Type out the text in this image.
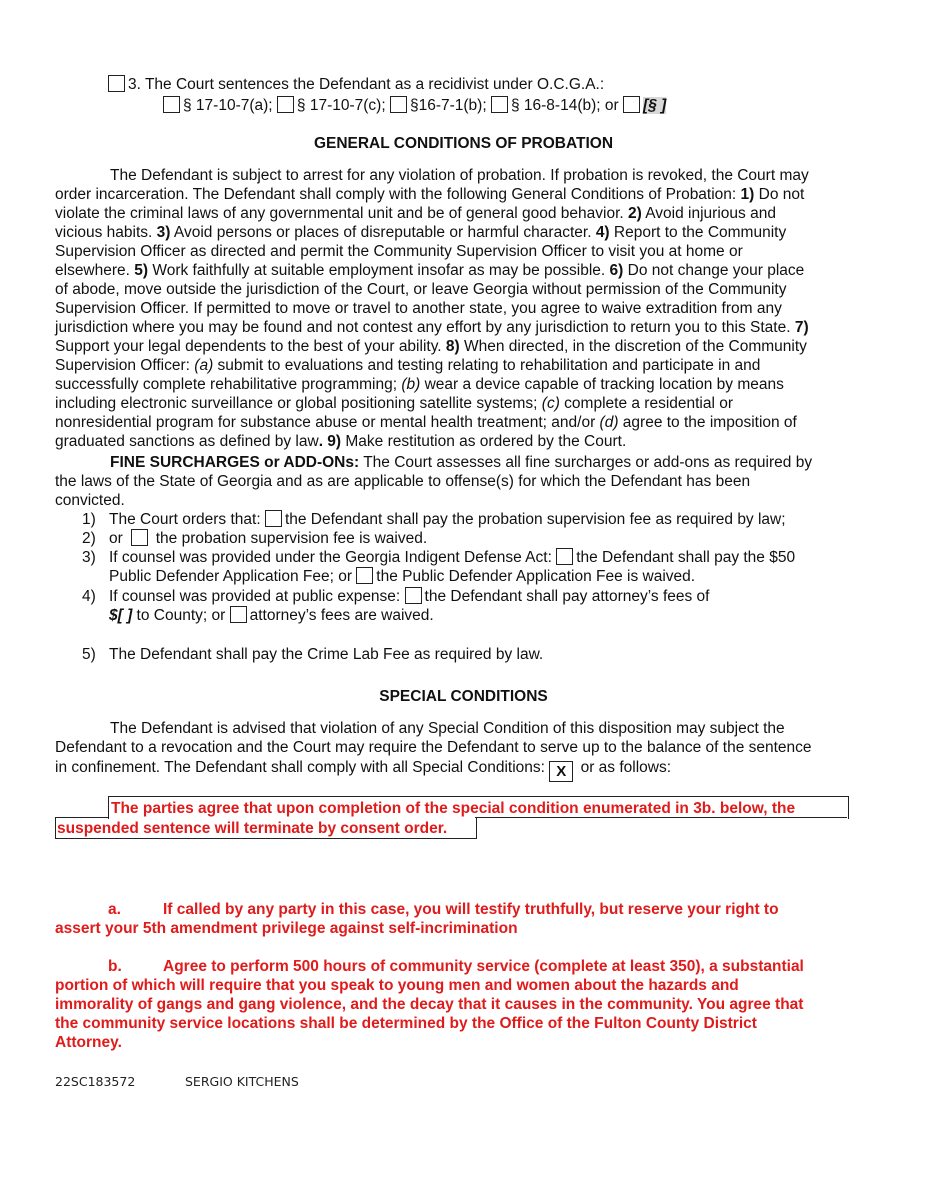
3. The Court sentences the Defendant as a recidivist under O.C.G.A.:
§ 17-10-7(a); § 17-10-7(c); §16-7-1(b); § 16-8-14(b); or [§ ]
GENERAL CONDITIONS OF PROBATION
The Defendant is subject to arrest for any violation of probation. If probation is revoked, the Court may
order incarceration. The Defendant shall comply with the following General Conditions of Probation: 1) Do not
violate the criminal laws of any governmental unit and be of general good behavior. 2) Avoid injurious and
vicious habits. 3) Avoid persons or places of disreputable or harmful character. 4) Report to the Community
Supervision Officer as directed and permit the Community Supervision Officer to visit you at home or
elsewhere. 5) Work faithfully at suitable employment insofar as may be possible. 6) Do not change your place
of abode, move outside the jurisdiction of the Court, or leave Georgia without permission of the Community
Supervision Officer. If permitted to move or travel to another state, you agree to waive extradition from any
jurisdiction where you may be found and not contest any effort by any jurisdiction to return you to this State. 7)
Support your legal dependents to the best of your ability. 8) When directed, in the discretion of the Community
Supervision Officer: (a) submit to evaluations and testing relating to rehabilitation and participate in and
successfully complete rehabilitative programming; (b) wear a device capable of tracking location by means
including electronic surveillance or global positioning satellite systems; (c) complete a residential or
nonresidential program for substance abuse or mental health treatment; and/or (d) agree to the imposition of
graduated sanctions as defined by law. 9) Make restitution as ordered by the Court.
FINE SURCHARGES or ADD-ONs: The Court assesses all fine surcharges or add-ons as required by
the laws of the State of Georgia and as are applicable to offense(s) for which the Defendant has been
convicted.
1) The Court orders that: the Defendant shall pay the probation supervision fee as required by law;
2) or   the probation supervision fee is waived.
3) If counsel was provided under the Georgia Indigent Defense Act: the Defendant shall pay the $50
Public Defender Application Fee; or the Public Defender Application Fee is waived.
4) If counsel was provided at public expense: the Defendant shall pay attorney’s fees of
$[ ] to County; or attorney’s fees are waived.
5) The Defendant shall pay the Crime Lab Fee as required by law.
SPECIAL CONDITIONS
The Defendant is advised that violation of any Special Condition of this disposition may subject the
Defendant to a revocation and the Court may require the Defendant to serve up to the balance of the sentence
in confinement. The Defendant shall comply with all Special Conditions: X or as follows:
The parties agree that upon completion of the special condition enumerated in 3b. below, the
suspended sentence will terminate by consent order.
a.	If called by any party in this case, you will testify truthfully, but reserve your right to
assert your 5th amendment privilege against self-incrimination
b.	Agree to perform 500 hours of community service (complete at least 350), a substantial
portion of which will require that you speak to young men and women about the hazards and
immorality of gangs and gang violence, and the decay that it causes in the community. You agree that
the community service locations shall be determined by the Office of the Fulton County District
Attorney.
22SC183572	SERGIO KITCHENS
